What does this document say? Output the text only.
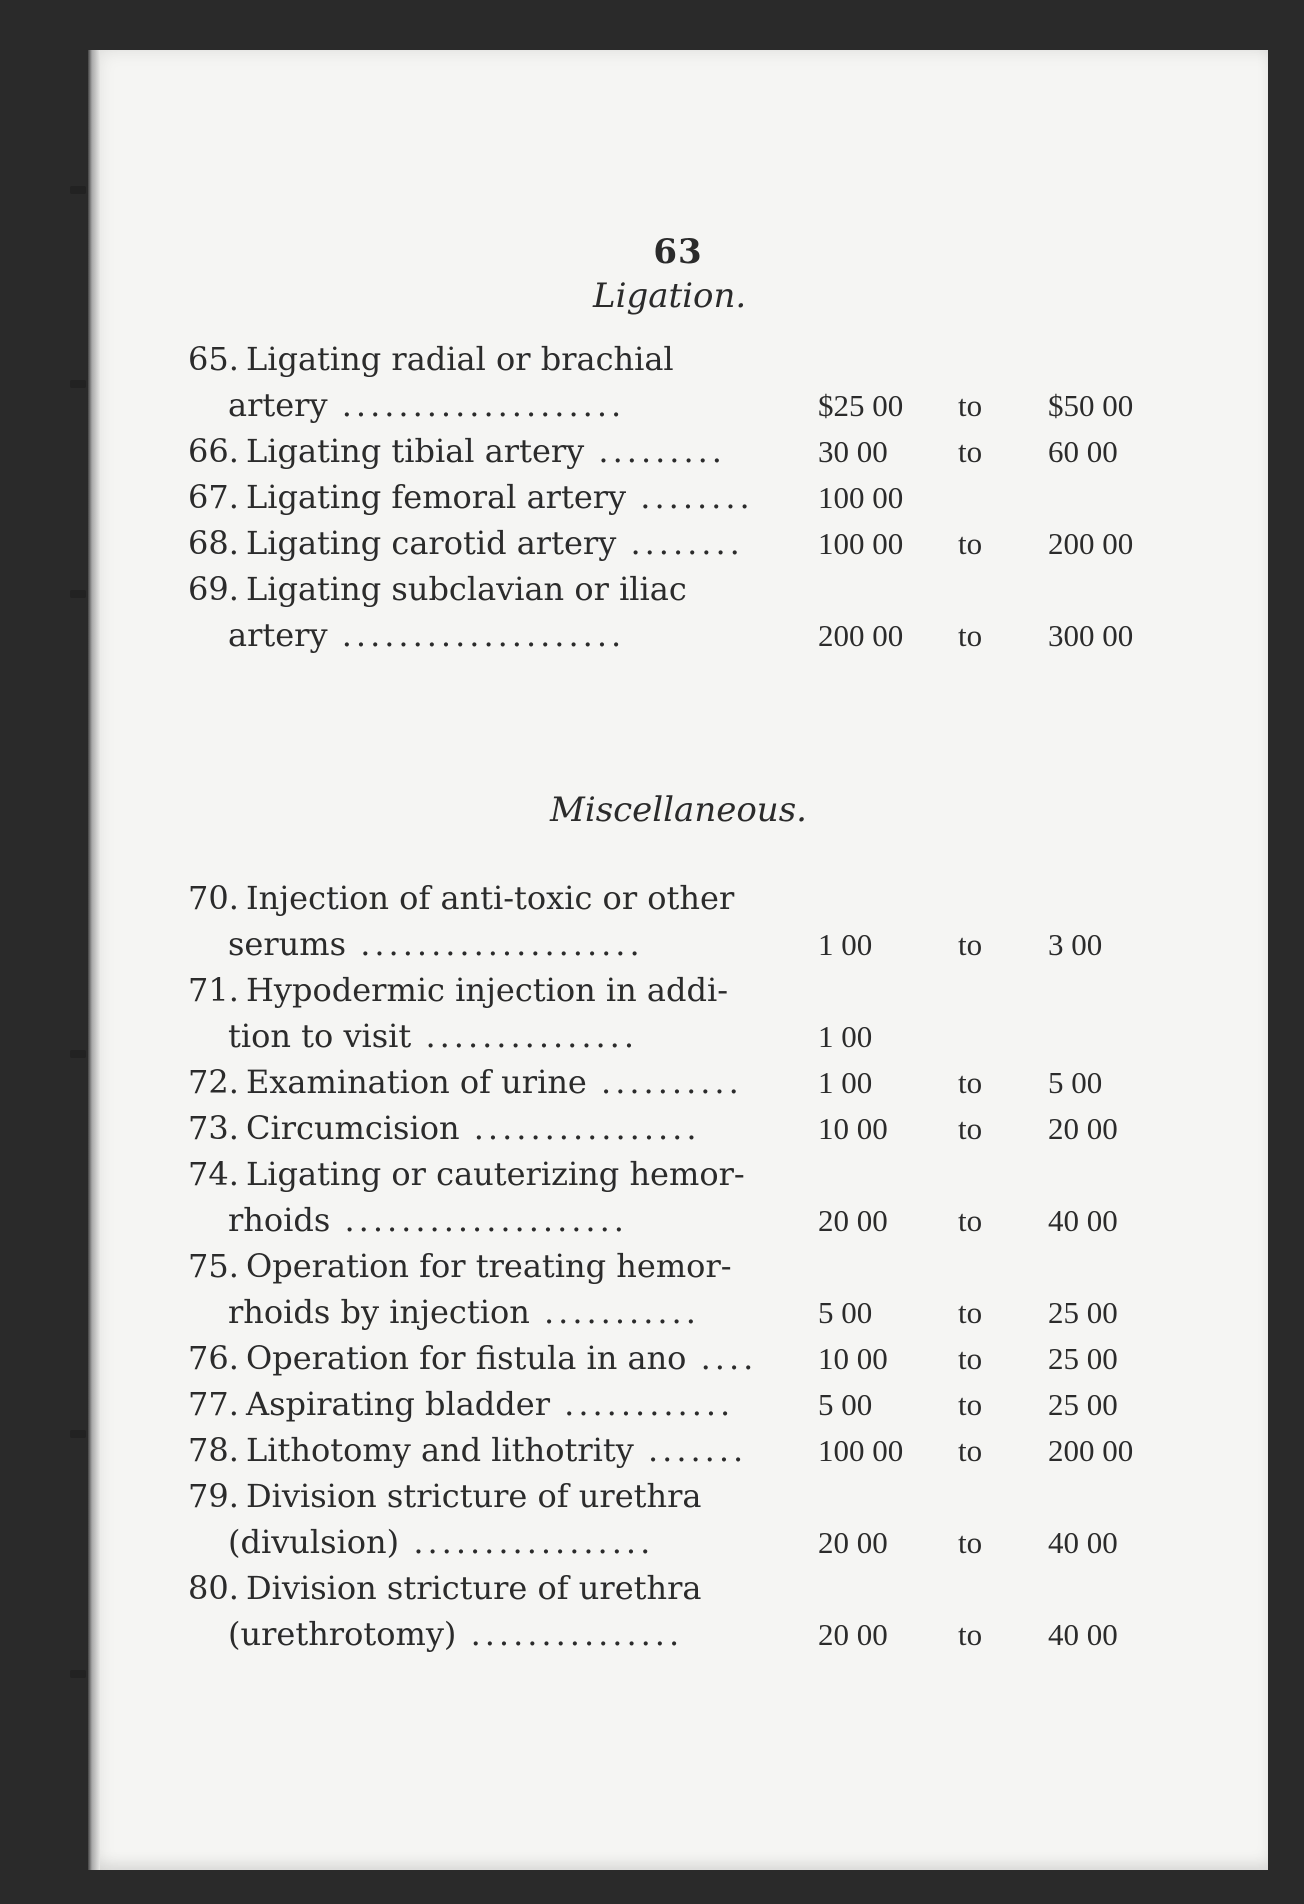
63
Ligation.
65. Ligating radial or brachial
artery ....................	$25 00 to $50 00
66. Ligating tibial artery .........	30 00 to 60 00
67. Ligating femoral artery ........	100 00
68. Ligating carotid artery ........	100 00 to 200 00
69. Ligating subclavian or iliac
artery ....................	200 00 to 300 00
Miscellaneous.
70. Injection of anti-toxic or other
serums ....................	1 00	to 3 00
71. Hypodermic injection in addi-
tion to visit ...............	1 00
72. Examination of urine ..........	1 00	to 5 00
73. Circumcision ................	10 00 to 20 00
74. Ligating or cauterizing hemor-
rhoids ....................	20 00 to 40 00
75. Operation for treating hemor-
rhoids by injection ...........	5 00	to 25 00
76. Operation for fistula in ano ....	10 00 to 25 00
77. Aspirating bladder ............	5 00	to 25 00
78. Lithotomy and lithotrity .......	100 00 to 200 00
79. Division stricture of urethra
(divulsion) .................	20 00 to 40 00
80. Division stricture of urethra
(urethrotomy) ...............	20 00 to 40 00
